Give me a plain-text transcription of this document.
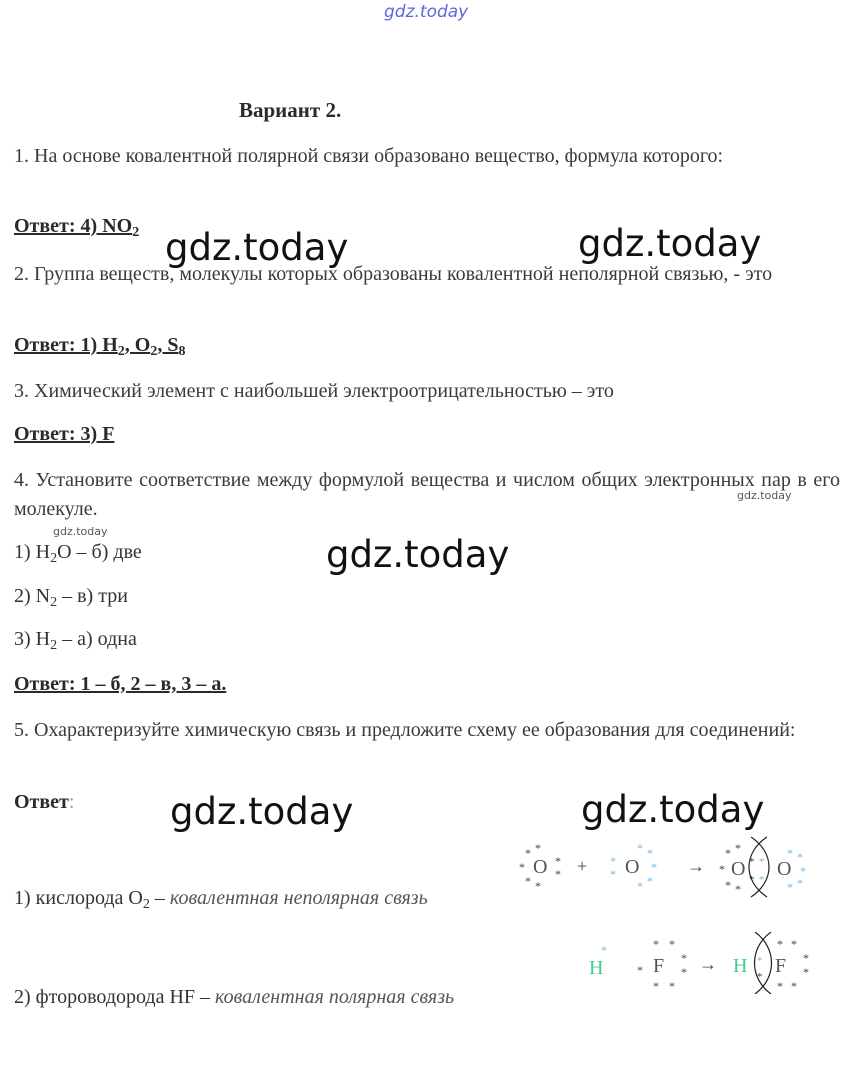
gdz.today
gdz.today	gdz.today
gdz.today
gdz.today	gdz.today
gdz.today
gdz.today
Вариант 2.
1. На основе ковалентной полярной связи образовано вещество, формула которого:
Ответ: 4) $NO_2$
2. Группа веществ, молекулы которых образованы ковалентной неполярной связью, - это
Ответ: 1) $H_2$, $O_2$, $S_8$
3. Химический элемент с наибольшей электроотрицательностью – это
Ответ: 3) F
4. Установите соответствие между формулой вещества и числом общих электронных пар в его молекуле.
1) $H_2O - б$) две
2) $N_2 - в$) три
3) $H_2 - а$) одна
Ответ: 1 – б, 2 – в, 3 – а.
5. Охарактеризуйте химическую связь и предложите схему ее образования для соединений:
Ответ:
1) кислорода $O_2$ – ковалентная неполярная связь
2) фтороводорода HF – ковалентная полярная связь
O
* *
*
* *
*
* + O
*
*
* *
*
* *
→ O O
* *
*
* *
*
*
*
*
* *
*
* *
H
*
F
* *
*
*
*
* *
→ H F
*
*
* *
*
*
* *
